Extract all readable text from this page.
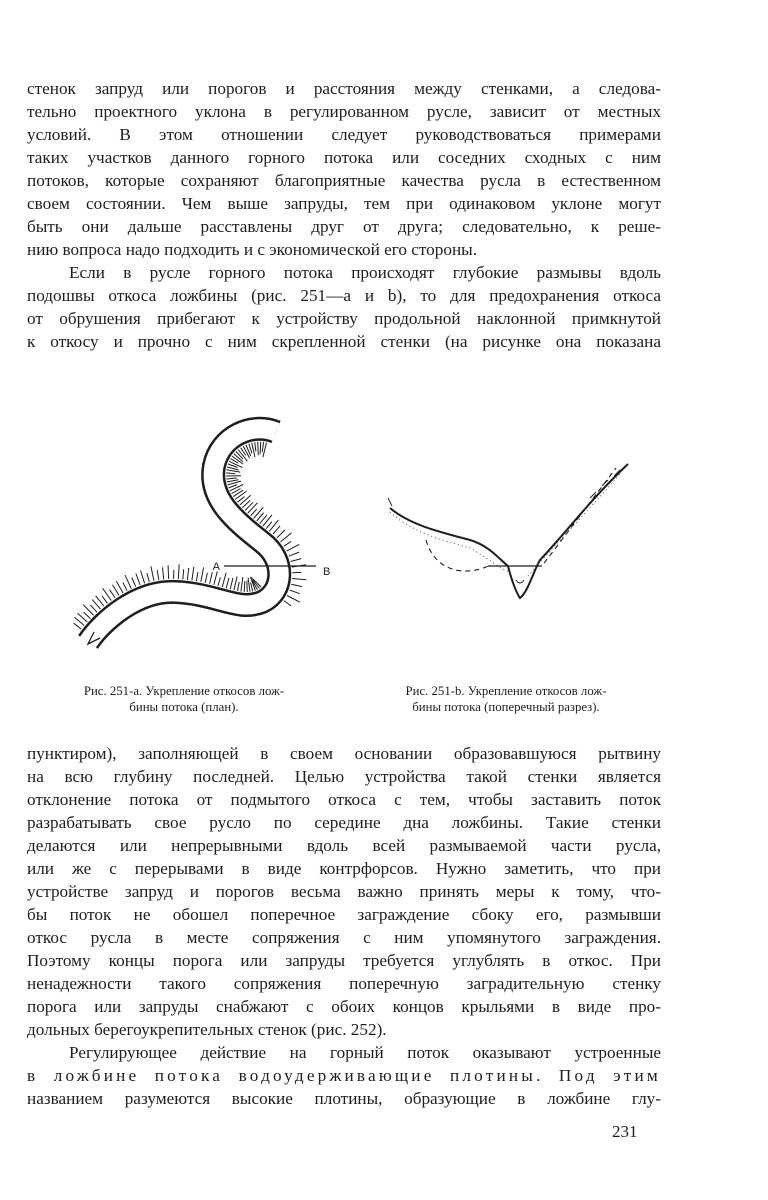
стенок запруд или порогов и расстояния между стенками, а следова-
тельно проектного уклона в регулированном русле, зависит от местных
условий. В этом отношении следует руководствоваться примерами
таких участков данного горного потока или соседних сходных с ним
потоков, которые сохраняют благоприятные качества русла в естественном
своем состоянии. Чем выше запруды, тем при одинаковом уклоне могут
быть они дальше расставлены друг от друга; следовательно, к реше-
нию вопроса надо подходить и с экономической его стороны.
Если в русле горного потока происходят глубокие размывы вдоль
подошвы откоса ложбины (рис. 251—a и b), то для предохранения откоса
от обрушения прибегают к устройству продольной наклонной примкнутой
к откосу и прочно с ним скрепленной стенки (на рисунке она показана
A	B
Рис. 251-a. Укрепление откосов лож-
бины потока (план).
Рис. 251-b. Укрепление откосов лож-
бины потока (поперечный разрез).
пунктиром), заполняющей в своем основании образовавшуюся рытвину
на всю глубину последней. Целью устройства такой стенки является
отклонение потока от подмытого откоса с тем, чтобы заставить поток
разрабатывать свое русло по середине дна ложбины. Такие стенки
делаются или непрерывными вдоль всей размываемой части русла,
или же с перерывами в виде контрфорсов. Нужно заметить, что при
устройстве запруд и порогов весьма важно принять меры к тому, что-
бы поток не обошел поперечное заграждение сбоку его, размывши
откос русла в месте сопряжения с ним упомянутого заграждения.
Поэтому концы порога или запруды требуется углублять в откос. При
ненадежности такого сопряжения поперечную заградительную стенку
порога или запруды снабжают с обоих концов крыльями в виде про-
дольных берегоукрепительных стенок (рис. 252).
Регулирующее действие на горный поток оказывают устроенные
в ложбине потока водоудерживающие плотины. Под этим
названием разумеются высокие плотины, образующие в ложбине глу-
231
